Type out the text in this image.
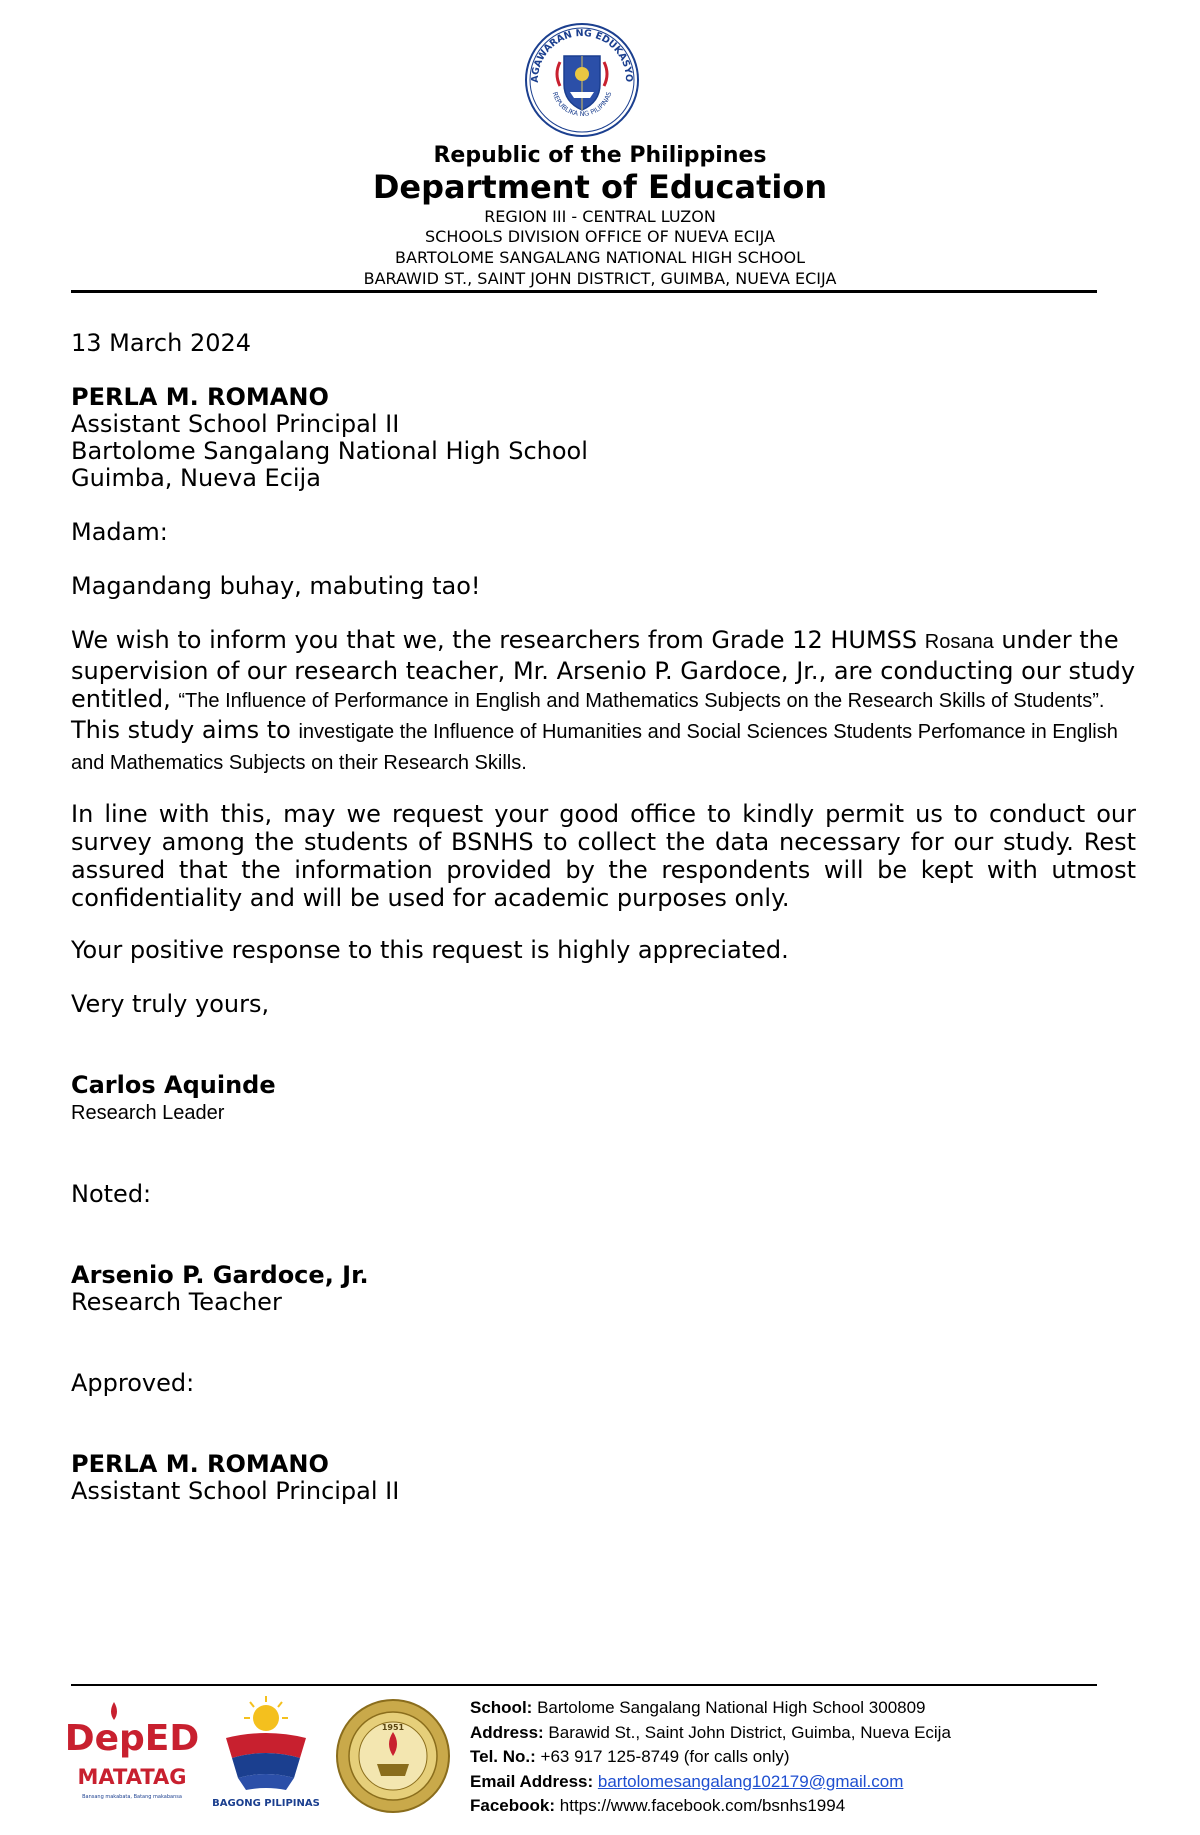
AGAWARAN NG EDUKASYO
REPUBLIKA NG PILIPINAS
Republic of the Philippines
Department of Education
REGION III - CENTRAL LUZON
SCHOOLS DIVISION OFFICE OF NUEVA ECIJA
BARTOLOME SANGALANG NATIONAL HIGH SCHOOL
BARAWID ST., SAINT JOHN DISTRICT, GUIMBA, NUEVA ECIJA
13 March 2024
PERLA M. ROMANO
Assistant School Principal II
Bartolome Sangalang National High School
Guimba, Nueva Ecija
Madam:
Magandang buhay, mabuting tao!
We wish to inform you that we, the researchers from Grade 12 HUMSS Rosana under the supervision of our research teacher, Mr. Arsenio P. Gardoce, Jr., are conducting our study entitled, “The Influence of Performance in English and Mathematics Subjects on the Research Skills of Students”. This study aims to investigate the Influence of Humanities and Social Sciences Students Perfomance in English and Mathematics Subjects on their Research Skills.
In line with this, may we request your good office to kindly permit us to conduct our survey among the students of BSNHS to collect the data necessary for our study. Rest assured that the information provided by the respondents will be kept with utmost confidentiality and will be used for academic purposes only.
Your positive response to this request is highly appreciated.
Very truly yours,
Carlos Aquinde
Research Leader
Noted:
Arsenio P. Gardoce, Jr.
Research Teacher
Approved:
PERLA M. ROMANO
Assistant School Principal II
DepED
MATATAG
Bansang makabata, Batang makabansa
BAGONG PILIPINAS
1951
School: Bartolome Sangalang National High School 300809
Address: Barawid St., Saint John District, Guimba, Nueva Ecija
Tel. No.: +63 917 125-8749 (for calls only)
Email Address: bartolomesangalang102179@gmail.com
Facebook: https://www.facebook.com/bsnhs1994
